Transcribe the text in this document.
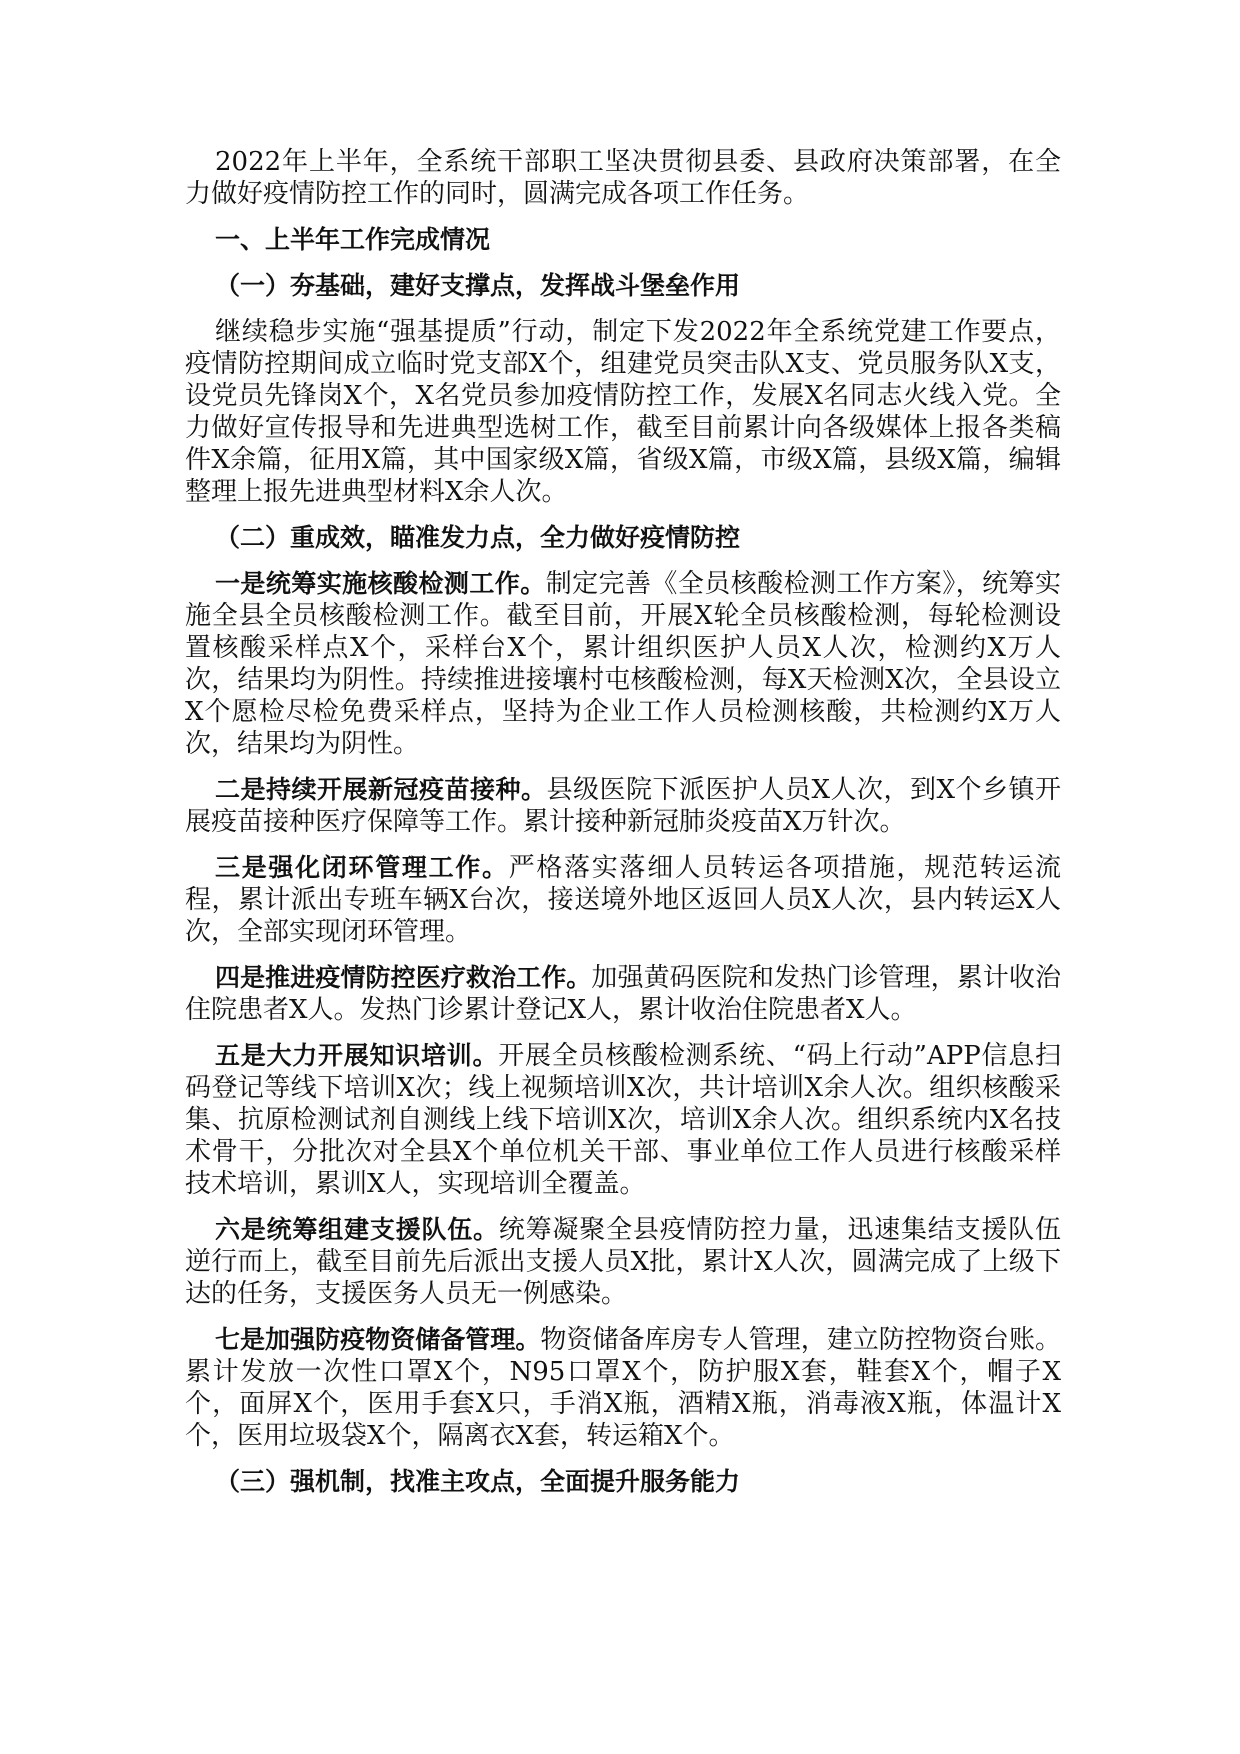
2022年上半年，全系统干部职工坚决贯彻县委、县政府决策部署，在全力做好疫情防控工作的同时，圆满完成各项工作任务。

一、上半年工作完成情况
（一）夯基础，建好支撑点，发挥战斗堡垒作用

继续稳步实施“强基提质”行动，制定下发2022年全系统党建工作要点，疫情防控期间成立临时党支部X个，组建党员突击队X支、党员服务队X支，设党员先锋岗X个，X名党员参加疫情防控工作，发展X名同志火线入党。全力做好宣传报导和先进典型选树工作，截至目前累计向各级媒体上报各类稿件X余篇，征用X篇，其中国家级X篇，省级X篇，市级X篇，县级X篇，编辑整理上报先进典型材料X余人次。

（二）重成效，瞄准发力点，全力做好疫情防控

一是统筹实施核酸检测工作。制定完善《全员核酸检测工作方案》，统筹实施全县全员核酸检测工作。截至目前，开展X轮全员核酸检测，每轮检测设置核酸采样点X个，采样台X个，累计组织医护人员X人次，检测约X万人次，结果均为阴性。持续推进接壤村屯核酸检测，每X天检测X次，全县设立X个愿检尽检免费采样点，坚持为企业工作人员检测核酸，共检测约X万人次，结果均为阴性。

二是持续开展新冠疫苗接种。县级医院下派医护人员X人次，到X个乡镇开展疫苗接种医疗保障等工作。累计接种新冠肺炎疫苗X万针次。

三是强化闭环管理工作。严格落实落细人员转运各项措施，规范转运流程，累计派出专班车辆X台次，接送境外地区返回人员X人次，县内转运X人次，全部实现闭环管理。

四是推进疫情防控医疗救治工作。加强黄码医院和发热门诊管理，累计收治住院患者X人。发热门诊累计登记X人，累计收治住院患者X人。

五是大力开展知识培训。开展全员核酸检测系统、“码上行动”APP信息扫码登记等线下培训X次；线上视频培训X次，共计培训X余人次。组织核酸采集、抗原检测试剂自测线上线下培训X次，培训X余人次。组织系统内X名技术骨干，分批次对全县X个单位机关干部、事业单位工作人员进行核酸采样技术培训，累训X人，实现培训全覆盖。

六是统筹组建支援队伍。统筹凝聚全县疫情防控力量，迅速集结支援队伍逆行而上，截至目前先后派出支援人员X批，累计X人次，圆满完成了上级下达的任务，支援医务人员无一例感染。

七是加强防疫物资储备管理。物资储备库房专人管理，建立防控物资台账。累计发放一次性口罩X个，N95口罩X个，防护服X套，鞋套X个，帽子X个，面屏X个，医用手套X只，手消X瓶，酒精X瓶，消毒液X瓶，体温计X个，医用垃圾袋X个，隔离衣X套，转运箱X个。

（三）强机制，找准主攻点，全面提升服务能力
